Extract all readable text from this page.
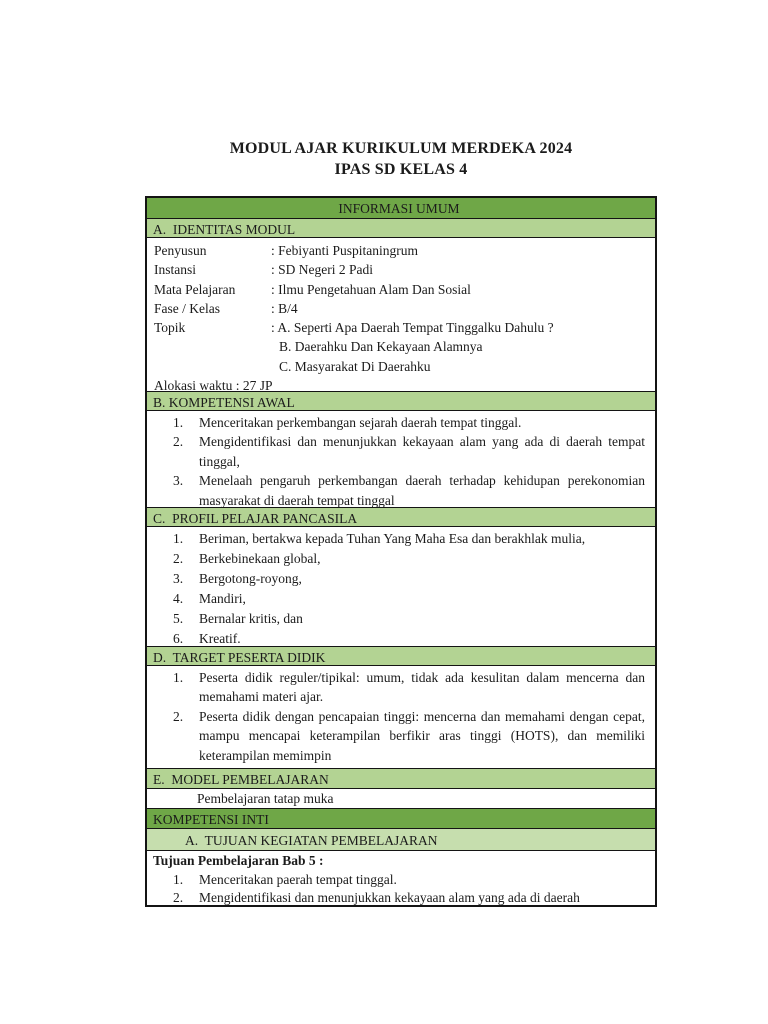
MODUL AJAR KURIKULUM MERDEKA 2024
IPAS SD KELAS 4
INFORMASI UMUM
A.  IDENTITAS MODUL
Penyusun	: Febiyanti Puspitaningrum
Instansi	: SD Negeri 2 Padi
Mata Pelajaran	: Ilmu Pengetahuan Alam Dan Sosial
Fase / Kelas	: B/4
Topik	: A. Seperti Apa Daerah Tempat Tinggalku Dahulu ?
B. Daerahku Dan Kekayaan Alamnya
C. Masyarakat Di Daerahku
Alokasi waktu : 27 JP
B. KOMPETENSI AWAL
Menceritakan perkembangan sejarah daerah tempat tinggal.
Mengidentifikasi dan menunjukkan kekayaan alam yang ada di daerah tempat tinggal,
Menelaah pengaruh perkembangan daerah terhadap kehidupan perekonomian masyarakat di daerah tempat tinggal
C.  PROFIL PELAJAR PANCASILA
Beriman, bertakwa kepada Tuhan Yang Maha Esa dan berakhlak mulia,
Berkebinekaan global,
Bergotong-royong,
Mandiri,
Bernalar kritis, dan
Kreatif.
D.  TARGET PESERTA DIDIK
Peserta didik reguler/tipikal: umum, tidak ada kesulitan dalam mencerna dan memahami materi ajar.
Peserta didik dengan pencapaian tinggi: mencerna dan memahami dengan cepat, mampu mencapai keterampilan berfikir aras tinggi (HOTS), dan memiliki keterampilan memimpin
E.  MODEL PEMBELAJARAN
Pembelajaran tatap muka
KOMPETENSI INTI
A.  TUJUAN KEGIATAN PEMBELAJARAN
Tujuan Pembelajaran Bab 5 :
Menceritakan paerah tempat tinggal.
Mengidentifikasi dan menunjukkan kekayaan alam yang ada di daerah
